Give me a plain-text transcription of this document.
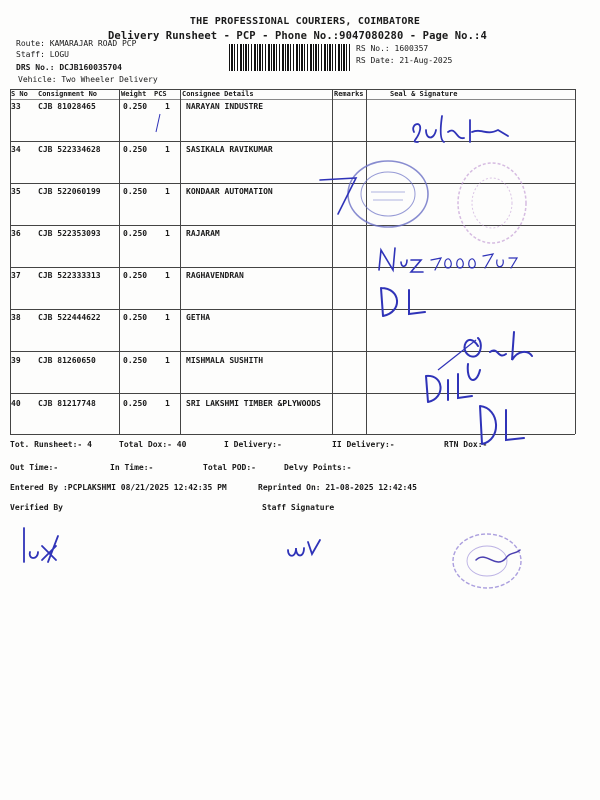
THE PROFESSIONAL COURIERS, COIMBATORE
Delivery Runsheet - PCP - Phone No.:9047080280 - Page No.:4
Route: KAMARAJAR ROAD PCP
Staff: LOGU
DRS No.: DCJB160035704
Vehicle: Two Wheeler Delivery
RS No.: 1600357
RS Date: 21-Aug-2025
S No Consignment No	Weight PCS Consignee Details	Remarks	Seal & Signature
33 CJB 81028465	0.250 1 NARAYAN INDUSTRE
34 CJB 522334628	0.250 1 SASIKALA RAVIKUMAR
35 CJB 522060199	0.250 1 KONDAAR AUTOMATION
36 CJB 522353093	0.250 1 RAJARAM
37 CJB 522333313	0.250 1 RAGHAVENDRAN
38 CJB 522444622	0.250 1 GETHA
39 CJB 81260650	0.250 1 MISHMALA SUSHITH
40 CJB 81217748	0.250 1 SRI LAKSHMI TIMBER &PLYWOODS
Tot. Runsheet:- 4	Total Dox:- 40	I Delivery:-	II Delivery:-	RTN Dox:-
Out Time:-	In Time:-	Total POD:-	Delvy Points:-
Entered By :PCPLAKSHMI 08/21/2025 12:42:35 PM	Reprinted On: 21-08-2025 12:42:45
Verified By	Staff Signature
